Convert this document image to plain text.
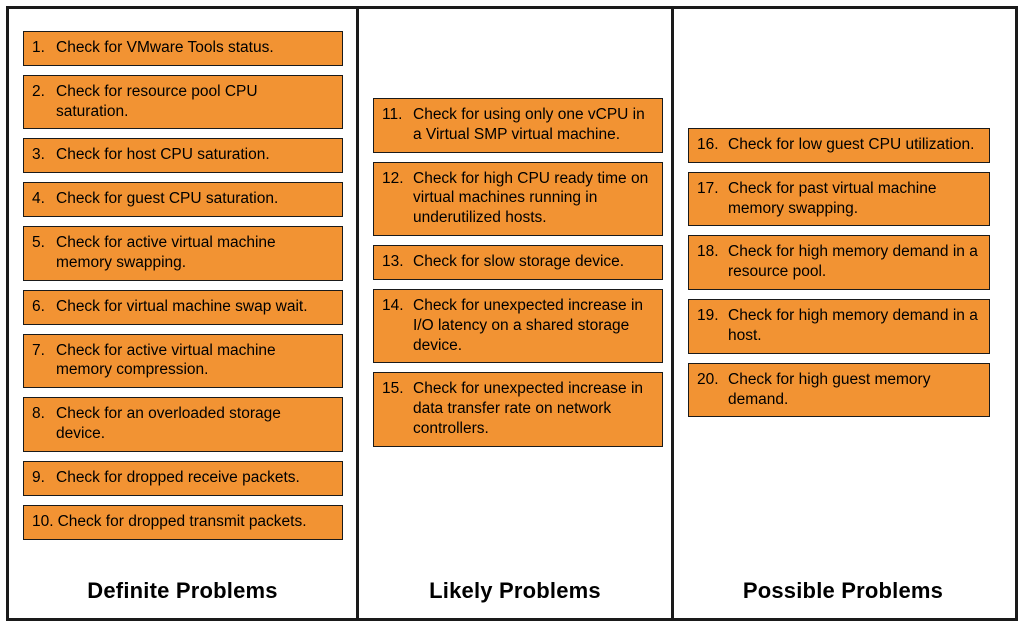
1. Check for VMware Tools status.
2. Check for resource pool CPU saturation.
3. Check for host CPU saturation.
4. Check for guest CPU saturation.
5. Check for active virtual machine memory swapping.
6. Check for virtual machine swap wait.
7. Check for active virtual machine memory compression.
8. Check for an overloaded storage device.
9. Check for dropped receive packets.
10. Check for dropped transmit packets.
Definite Problems
11. Check for using only one vCPU in a Virtual SMP virtual machine.
12. Check for high CPU ready time on virtual machines running in underutilized hosts.
13. Check for slow storage device.
14. Check for unexpected increase in I/O latency on a shared storage device.
15. Check for unexpected increase in data transfer rate on network controllers.
Likely Problems
16. Check for low guest CPU utilization.
17. Check for past virtual machine memory swapping.
18. Check for high memory demand in a resource pool.
19. Check for high memory demand in a host.
20. Check for high guest memory demand.
Possible Problems
